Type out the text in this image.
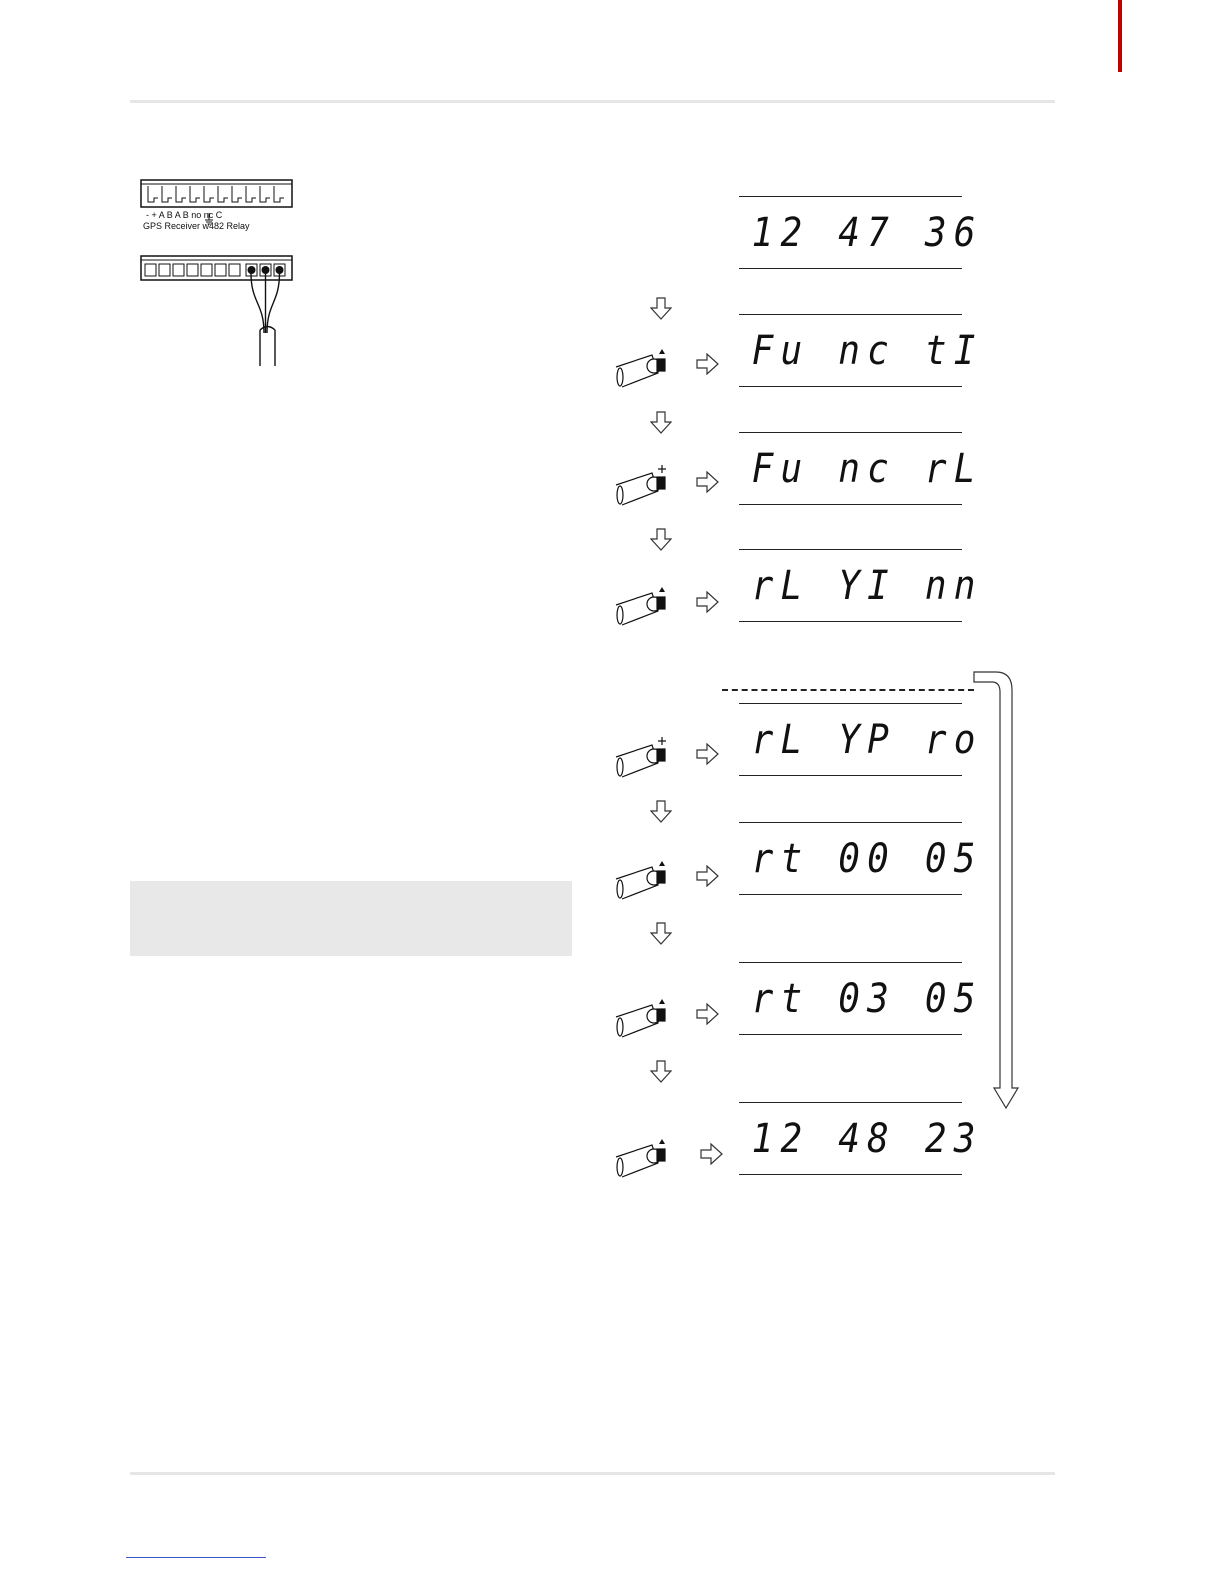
- + A B A B no nc C
GPS Receiver w482 Relay	12 47 36
Fu nc tI
Fu nc rL
rL YI nn
rL YP ro
rt 00 05
rt 03 05
12 48 23
